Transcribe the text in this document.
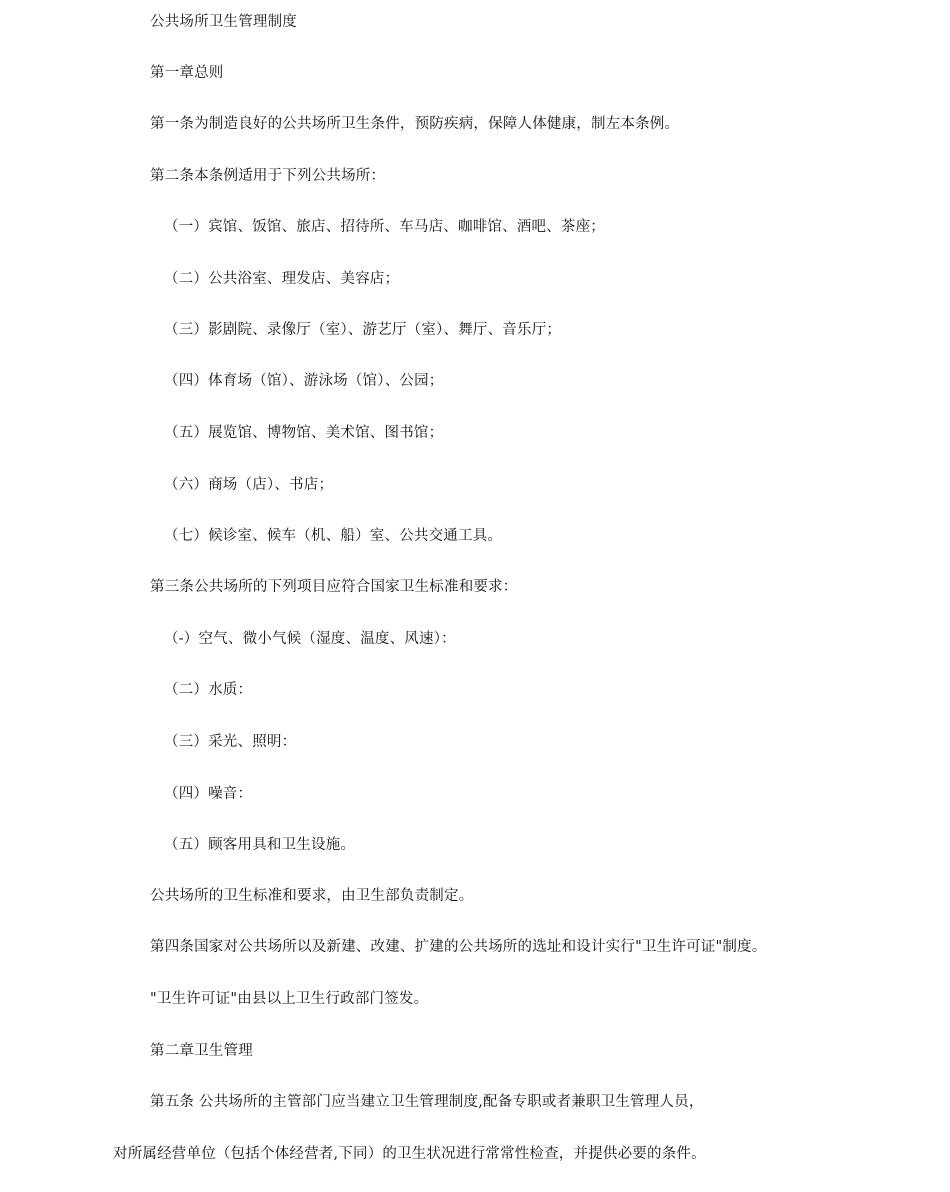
公共场所卫生管理制度
第一章总则
第一条为制造良好的公共场所卫生条件，预防疾病，保障人体健康，制左本条例。
第二条本条例适用于下列公共场所：
（一）宾馆、饭馆、旅店、招待所、车马店、咖啡馆、酒吧、茶座；
（二）公共浴室、理发店、美容店；
（三）影剧院、录像厅（室）、游艺厅（室）、舞厅、音乐厅；
（四）体育场（馆）、游泳场（馆）、公园；
（五）展览馆、博物馆、美术馆、图书馆；
（六）商场（店）、书店；
（七）候诊室、候车（机、船）室、公共交通工具。
第三条公共场所的下列项目应符合国家卫生标准和要求：
（-）空气、微小气候（湿度、温度、风速）：
（二）水质：
（三）采光、照明：
（四）噪音：
（五）顾客用具和卫生设施。
公共场所的卫生标准和要求，由卫生部负责制定。
第四条国家对公共场所以及新建、改建、扩建的公共场所的选址和设计实行"卫生许可证"制度。
"卫生许可证"由县以上卫生行政部门签发。
第二章卫生管理
第五条 公共场所的主管部门应当建立卫生管理制度,配备专职或者兼职卫生管理人员，
对所属经营单位（包括个体经营者,下同）的卫生状况进行常常性检查，并提供必要的条件。
